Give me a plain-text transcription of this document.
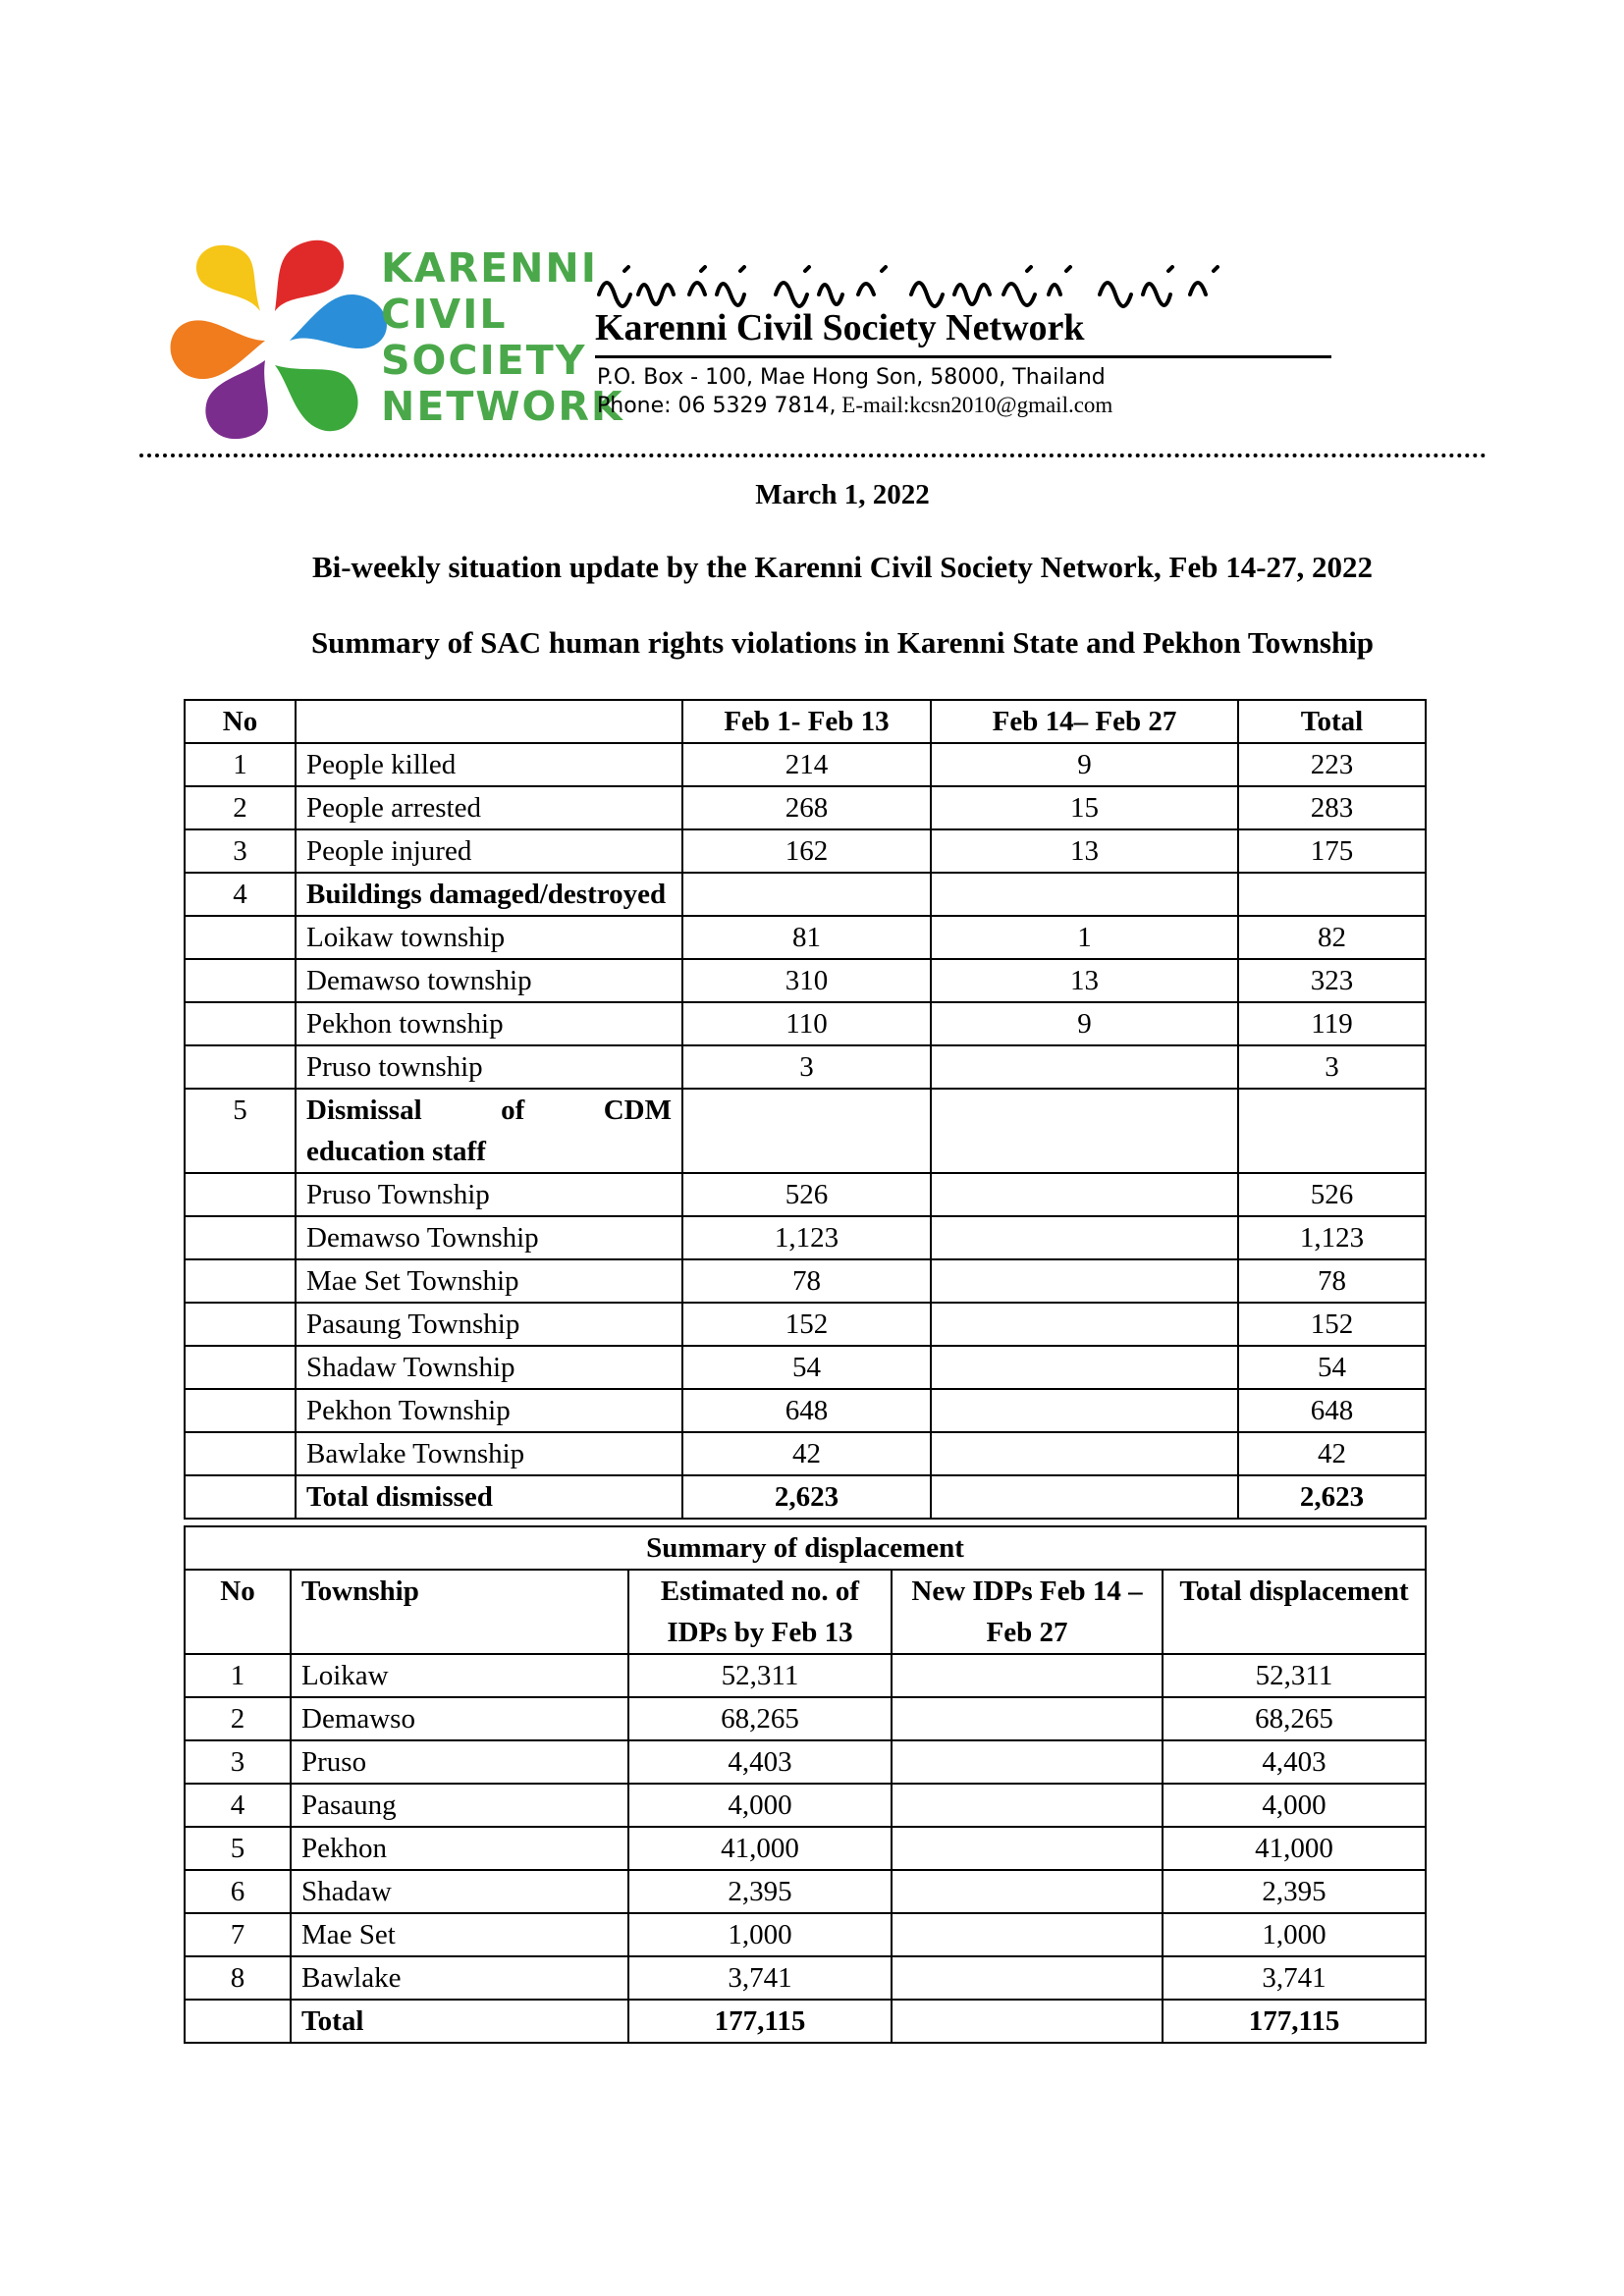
KARENNI
CIVIL
SOCIETY
NETWORK
Karenni Civil Society Network
P.O. Box - 100, Mae Hong Son, 58000, Thailand
Phone: 06 5329 7814, E-mail:kcsn2010@gmail.com
March 1, 2022
Bi-weekly situation update by the Karenni Civil Society Network, Feb 14-27, 2022
Summary of SAC human rights violations in Karenni State and Pekhon Township
No		Feb 1- Feb 13	Feb 14– Feb 27	Total
1	People killed	214	9	223
2	People arrested	268	15	283
3	People injured	162	13	175
4	Buildings damaged/destroyed			
	Loikaw township	81	1	82
	Demawso township	310	13	323
	Pekhon township	110	9	119
	Pruso township	3		3
5	Dismissal of CDM
education staff			

	Pruso Township	526		526
	Demawso Township	1,123		1,123
	Mae Set Township	78		78
	Pasaung Township	152		152
	Shadaw Township	54		54
	Pekhon Township	648		648
	Bawlake Township	42		42
	Total dismissed	2,623		2,623
Summary of displacement				
No	Township	Estimated no. of IDPs by Feb 13	New IDPs Feb 14 – Feb 27	Total displacement
1	Loikaw	52,311		52,311
2	Demawso	68,265		68,265
3	Pruso	4,403		4,403
4	Pasaung	4,000		4,000
5	Pekhon	41,000		41,000
6	Shadaw	2,395		2,395
7	Mae Set	1,000		1,000
8	Bawlake	3,741		3,741
	Total	177,115		177,115
